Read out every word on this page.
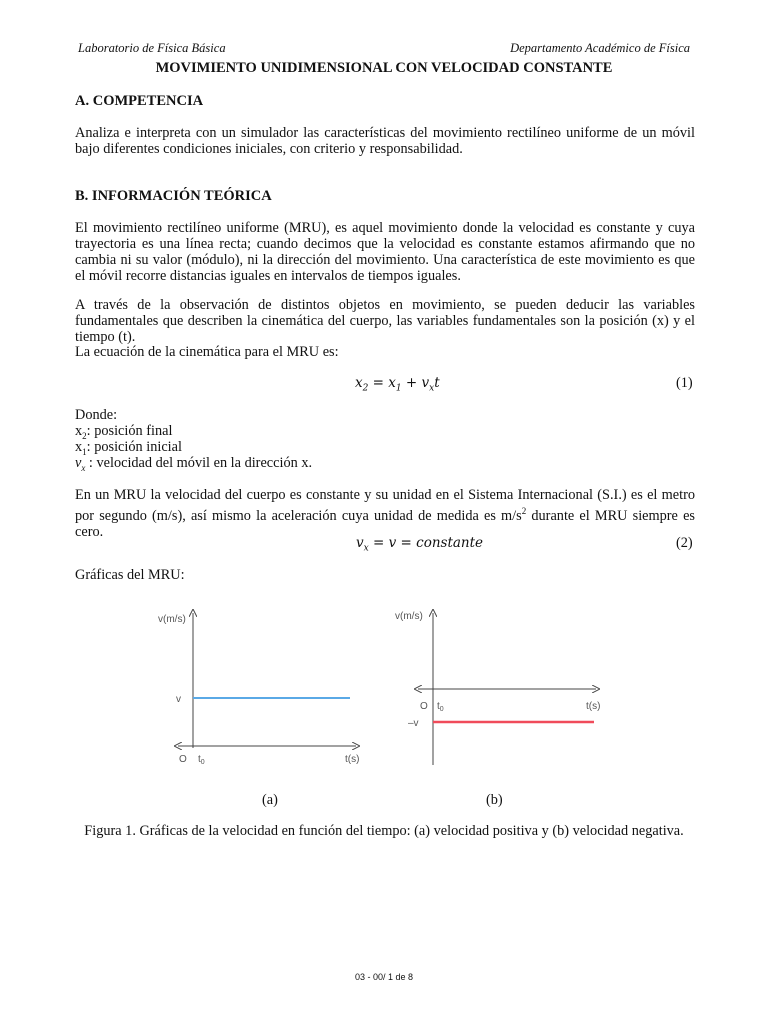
Laboratorio de Física Básica	Departamento Académico de Física
MOVIMIENTO UNIDIMENSIONAL CON VELOCIDAD CONSTANTE
A. COMPETENCIA
Analiza e interpreta con un simulador las características del movimiento rectilíneo uniforme de un móvil bajo diferentes condiciones iniciales, con criterio y responsabilidad.
B. INFORMACIÓN TEÓRICA
El movimiento rectilíneo uniforme (MRU), es aquel movimiento donde la velocidad es constante y cuya trayectoria es una línea recta; cuando decimos que la velocidad es constante estamos afirmando que no cambia ni su valor (módulo), ni la dirección del movimiento. Una característica de este movimiento es que el móvil recorre distancias iguales en intervalos de tiempos iguales.
A través de la observación de distintos objetos en movimiento, se pueden deducir las variables fundamentales que describen la cinemática del cuerpo, las variables fundamentales son la posición (x) y el tiempo (t).
La ecuación de la cinemática para el MRU es:
$x_2 = x_1 + v_xt$	(1)
Donde:
$x_2$: posición final
$x_1$: posición inicial
$v_x$ : velocidad del móvil en la dirección x.
En un MRU la velocidad del cuerpo es constante y su unidad en el Sistema Internacional (S.I.) es el metro por segundo (m/s), así mismo la aceleración cuya unidad de medida es $m/s^2$ durante el MRU siempre es cero.
$v_x = v$ = constante	(2)
Gráficas del MRU:
v(m/s)
v
O $t_0$	t(s)
v(m/s)
O $t_0$	t(s)
–v
(a)	(b)
Figura 1. Gráficas de la velocidad en función del tiempo: (a) velocidad positiva y (b) velocidad negativa.
03 - 00/ 1 de 8
